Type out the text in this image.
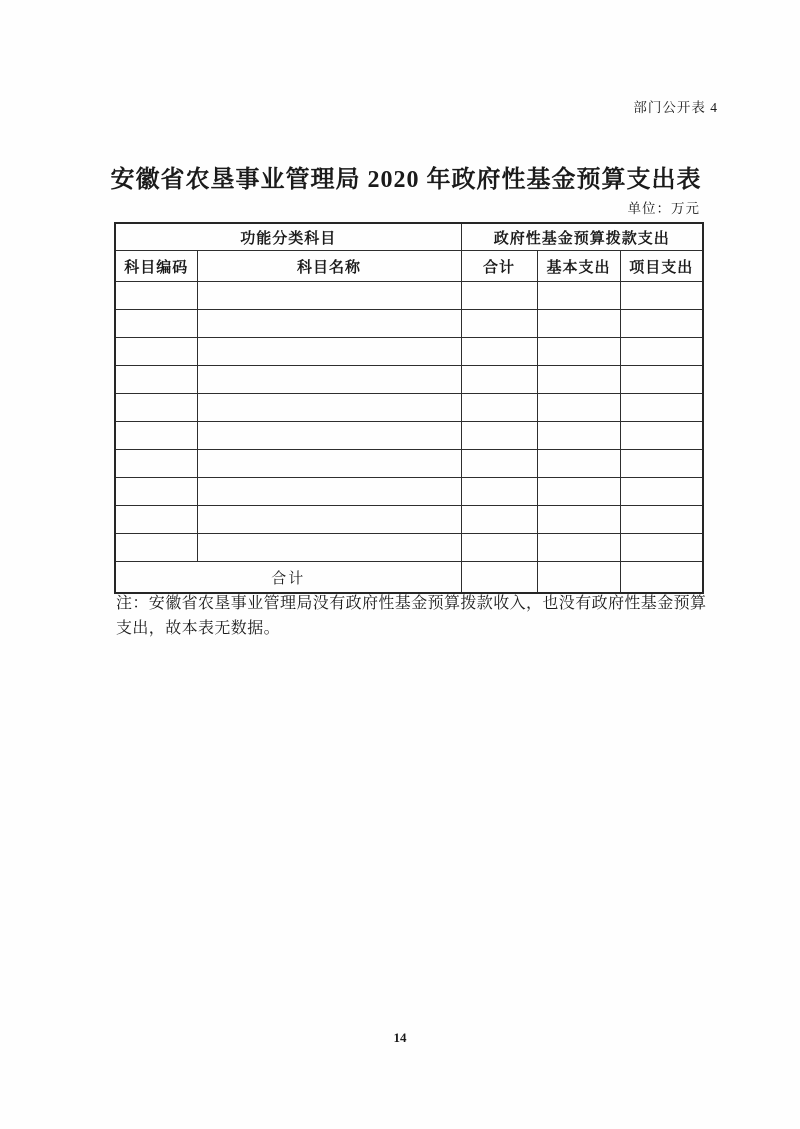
部门公开表 4
安徽省农垦事业管理局 2020 年政府性基金预算支出表
单位：万元
功能分类科目		政府性基金预算拨款支出		
科目编码	科目名称	合计	基本支出	项目支出

合计				
注：安徽省农垦事业管理局没有政府性基金预算拨款收入，也没有政府性基金预算
支出，故本表无数据。
14
